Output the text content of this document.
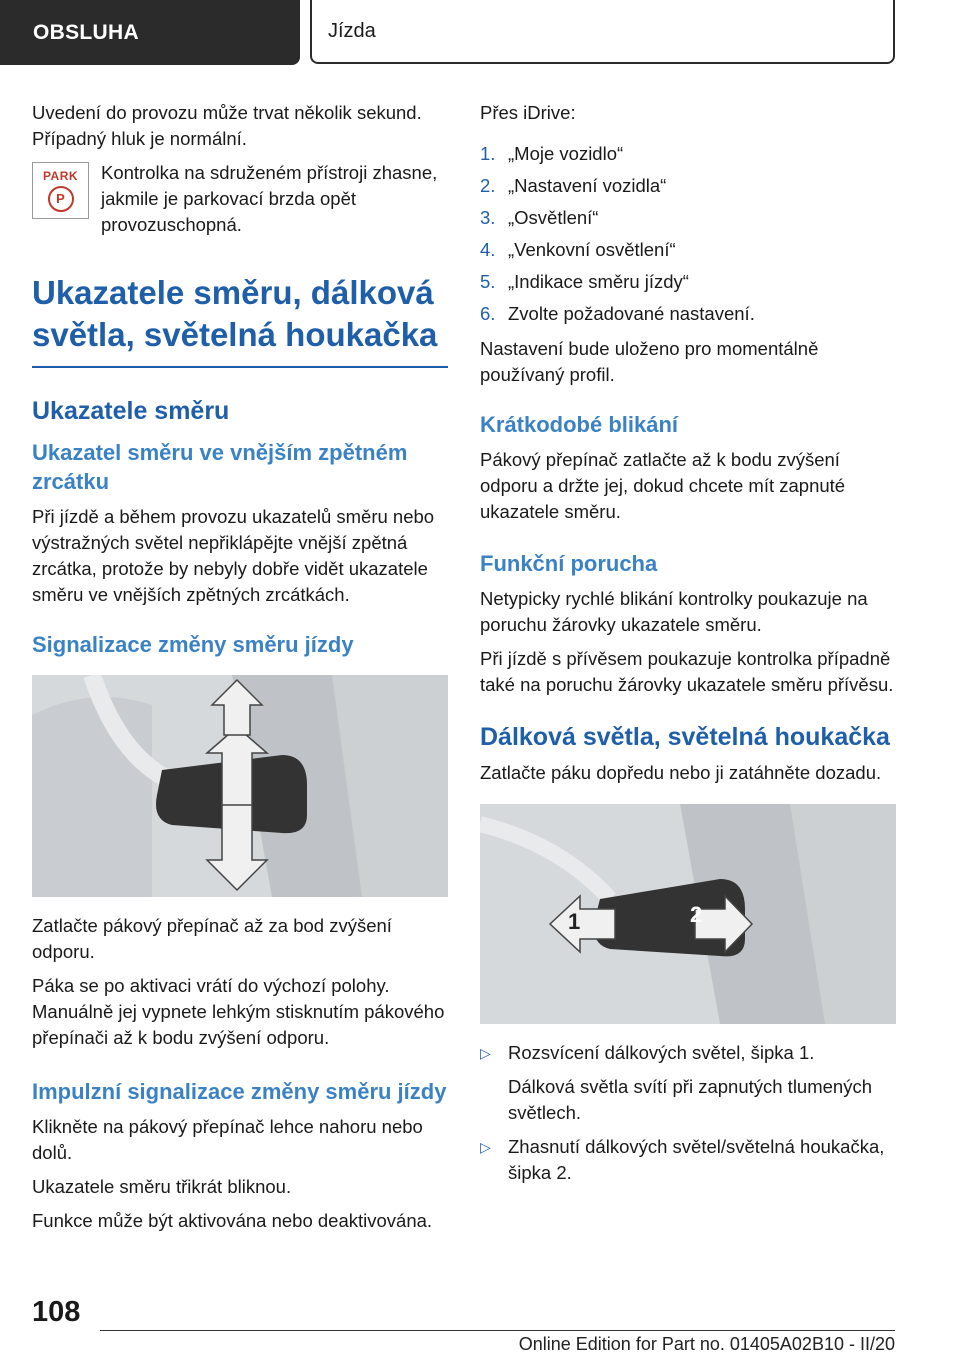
OBSLUHA	Jízda

Uvedení do provozu může trvat několik sekund. Případný hluk je normální.

PARK
P

Kontrolka na sdruženém přístroji zhasne, jakmile je parkovací brzda opět provozuschopná.

Ukazatele směru, dálková světla, světelná houkačka
Ukazatele směru
Ukazatel směru ve vnějším zpětném zrcátku

Při jízdě a během provozu ukazatelů směru nebo výstražných světel nepřiklápějte vnější zpětná zrcátka, protože by nebyly dobře vidět ukazatele směru ve vnějších zpětných zrcátkách.

Signalizace změny směru jízdy

Zatlačte pákový přepínač až za bod zvýšení odporu.

Páka se po aktivaci vrátí do výchozí polohy. Manuálně jej vypnete lehkým stisknutím pákového přepínači až k bodu zvýšení odporu.

Impulzní signalizace změny směru jízdy

Klikněte na pákový přepínač lehce nahoru nebo dolů.

Ukazatele směru třikrát bliknou.

Funkce může být aktivována nebo deaktivována.

Přes iDrive:

1. „Moje vozidlo“
2. „Nastavení vozidla“
3. „Osvětlení“
4. „Venkovní osvětlení“
5. „Indikace směru jízdy“
6. Zvolte požadované nastavení.

Nastavení bude uloženo pro momentálně používaný profil.

Krátkodobé blikání

Pákový přepínač zatlačte až k bodu zvýšení odporu a držte jej, dokud chcete mít zapnuté ukazatele směru.

Funkční porucha

Netypicky rychlé blikání kontrolky poukazuje na poruchu žárovky ukazatele směru.

Při jízdě s přívěsem poukazuje kontrolka případně také na poruchu žárovky ukazatele směru přívěsu.

Dálková světla, světelná houkačka

Zatlačte páku dopředu nebo ji zatáhněte dozadu.

1	2
▷ Rozsvícení dálkových světel, šipka 1.
Dálková světla svítí při zapnutých tlumených světlech.
▷ Zhasnutí dálkových světel/světelná houkačka, šipka 2.
108
Online Edition for Part no. 01405A02B10 - II/20
